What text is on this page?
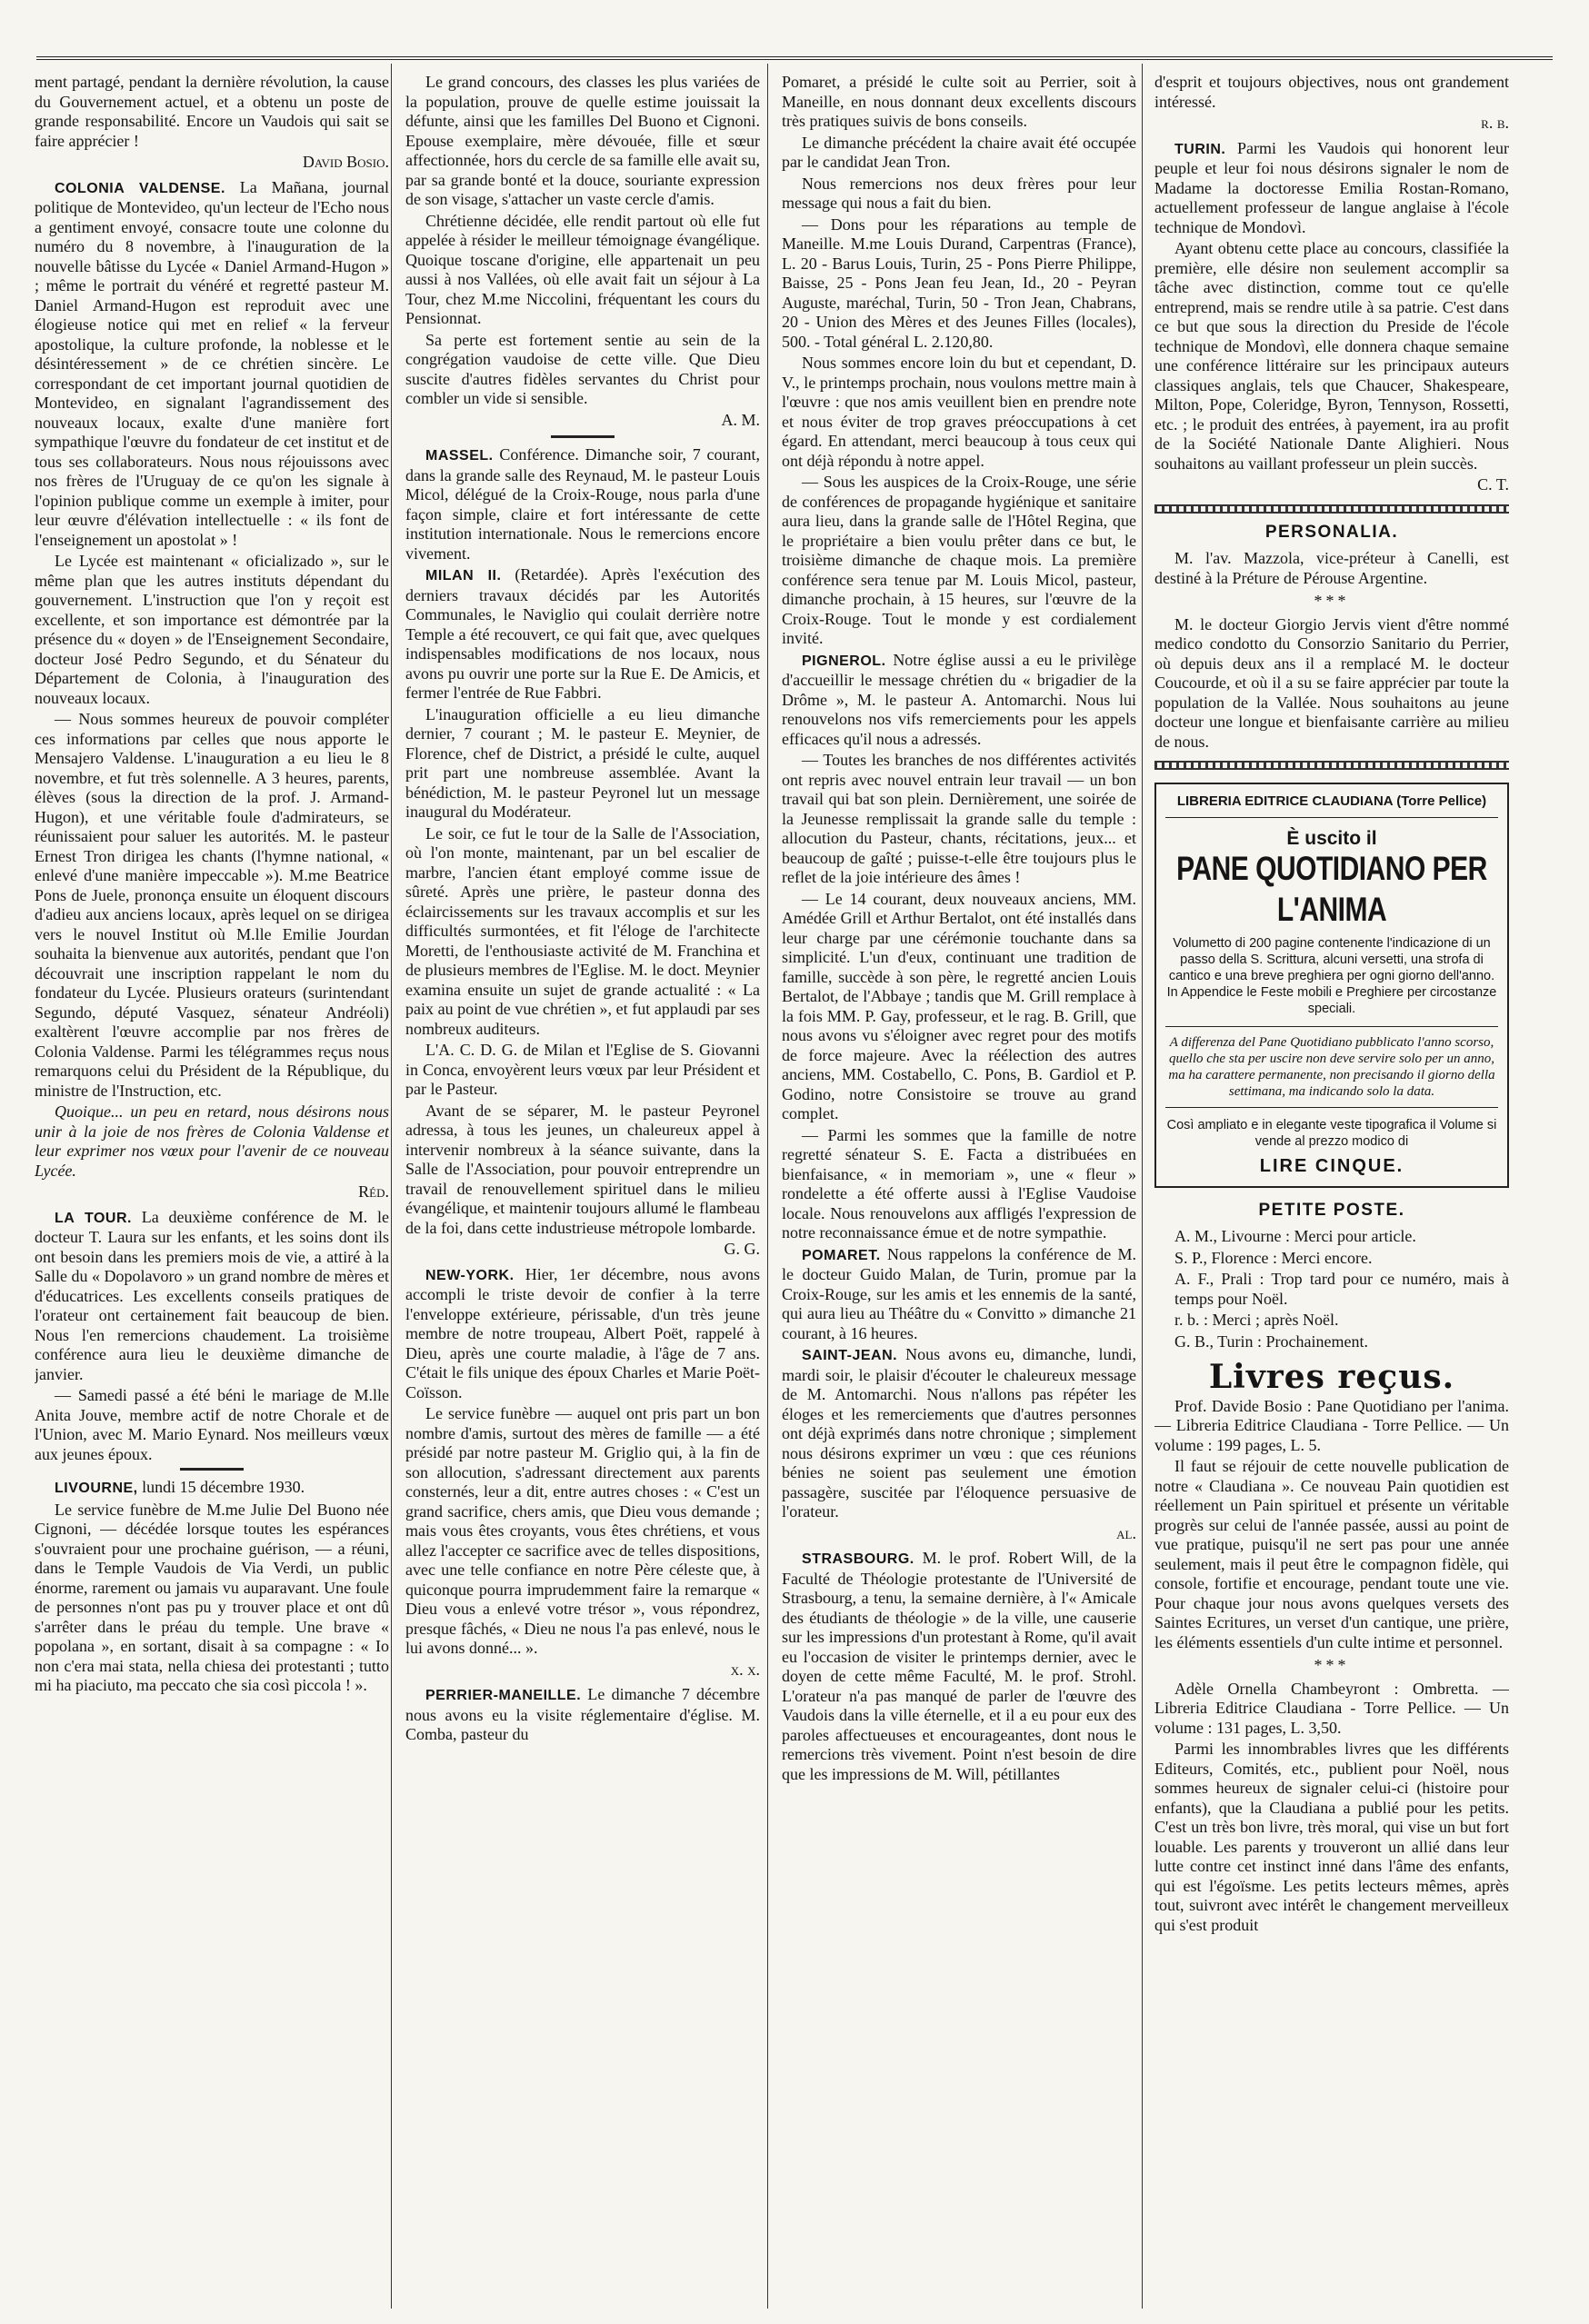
ment partagé, pendant la dernière révolution, la cause du Gouvernement actuel, et a obtenu un poste de grande responsabilité. Encore un Vaudois qui sait se faire apprécier !

David Bosio.

COLONIA VALDENSE. La Mañana, journal politique de Montevideo, qu'un lecteur de l'Echo nous a gentiment envoyé, consacre toute une colonne du numéro du 8 novembre, à l'inauguration de la nouvelle bâtisse du Lycée « Daniel Armand-Hugon » ; même le portrait du vénéré et regretté pasteur M. Daniel Armand-Hugon est reproduit avec une élogieuse notice qui met en relief « la ferveur apostolique, la culture profonde, la noblesse et le désintéressement » de ce chrétien sincère. Le correspondant de cet important journal quotidien de Montevideo, en signalant l'agrandissement des nouveaux locaux, exalte d'une manière fort sympathique l'œuvre du fondateur de cet institut et de tous ses collaborateurs. Nous nous réjouissons avec nos frères de l'Uruguay de ce qu'on les signale à l'opinion publique comme un exemple à imiter, pour leur œuvre d'élévation intellectuelle : « ils font de l'enseignement un apostolat » !

Le Lycée est maintenant « oficializado », sur le même plan que les autres instituts dépendant du gouvernement. L'instruction que l'on y reçoit est excellente, et son importance est démontrée par la présence du « doyen » de l'Enseignement Secondaire, docteur José Pedro Segundo, et du Sénateur du Département de Colonia, à l'inauguration des nouveaux locaux.

— Nous sommes heureux de pouvoir compléter ces informations par celles que nous apporte le Mensajero Valdense. L'inauguration a eu lieu le 8 novembre, et fut très solennelle. A 3 heures, parents, élèves (sous la direction de la prof. J. Armand-Hugon), et une véritable foule d'admirateurs, se réunissaient pour saluer les autorités. M. le pasteur Ernest Tron dirigea les chants (l'hymne national, « enlevé d'une manière impeccable »). M.me Beatrice Pons de Juele, prononça ensuite un éloquent discours d'adieu aux anciens locaux, après lequel on se dirigea vers le nouvel Institut où M.lle Emilie Jourdan souhaita la bienvenue aux autorités, pendant que l'on découvrait une inscription rappelant le nom du fondateur du Lycée. Plusieurs orateurs (surintendant Segundo, député Vasquez, sénateur Andréoli) exaltèrent l'œuvre accomplie par nos frères de Colonia Valdense. Parmi les télégrammes reçus nous remarquons celui du Président de la République, du ministre de l'Instruction, etc.

Quoique... un peu en retard, nous désirons nous unir à la joie de nos frères de Colonia Valdense et leur exprimer nos vœux pour l'avenir de ce nouveau Lycée.

Réd.

LA TOUR. La deuxième conférence de M. le docteur T. Laura sur les enfants, et les soins dont ils ont besoin dans les premiers mois de vie, a attiré à la Salle du « Dopolavoro » un grand nombre de mères et d'éducatrices. Les excellents conseils pratiques de l'orateur ont certainement fait beaucoup de bien. Nous l'en remercions chaudement. La troisième conférence aura lieu le deuxième dimanche de janvier.

— Samedi passé a été béni le mariage de M.lle Anita Jouve, membre actif de notre Chorale et de l'Union, avec M. Mario Eynard. Nos meilleurs vœux aux jeunes époux.

LIVOURNE, lundi 15 décembre 1930.

Le service funèbre de M.me Julie Del Buono née Cignoni, — décédée lorsque toutes les espérances s'ouvraient pour une prochaine guérison, — a réuni, dans le Temple Vaudois de Via Verdi, un public énorme, rarement ou jamais vu auparavant. Une foule de personnes n'ont pas pu y trouver place et ont dû s'arrêter dans le préau du temple. Une brave « popolana », en sortant, disait à sa compagne : « Io non c'era mai stata, nella chiesa dei protestanti ; tutto mi ha piaciuto, ma peccato che sia così piccola ! ».

Le grand concours, des classes les plus variées de la population, prouve de quelle estime jouissait la défunte, ainsi que les familles Del Buono et Cignoni. Epouse exemplaire, mère dévouée, fille et sœur affectionnée, hors du cercle de sa famille elle avait su, par sa grande bonté et la douce, souriante expression de son visage, s'attacher un vaste cercle d'amis.

Chrétienne décidée, elle rendit partout où elle fut appelée à résider le meilleur témoignage évangélique. Quoique toscane d'origine, elle appartenait un peu aussi à nos Vallées, où elle avait fait un séjour à La Tour, chez M.me Niccolini, fréquentant les cours du Pensionnat.

Sa perte est fortement sentie au sein de la congrégation vaudoise de cette ville. Que Dieu suscite d'autres fidèles servantes du Christ pour combler un vide si sensible.

A. M.

MASSEL. Conférence. Dimanche soir, 7 courant, dans la grande salle des Reynaud, M. le pasteur Louis Micol, délégué de la Croix-Rouge, nous parla d'une façon simple, claire et fort intéressante de cette institution internationale. Nous le remercions encore vivement.

MILAN II. (Retardée). Après l'exécution des derniers travaux décidés par les Autorités Communales, le Naviglio qui coulait derrière notre Temple a été recouvert, ce qui fait que, avec quelques indispensables modifications de nos locaux, nous avons pu ouvrir une porte sur la Rue E. De Amicis, et fermer l'entrée de Rue Fabbri.

L'inauguration officielle a eu lieu dimanche dernier, 7 courant ; M. le pasteur E. Meynier, de Florence, chef de District, a présidé le culte, auquel prit part une nombreuse assemblée. Avant la bénédiction, M. le pasteur Peyronel lut un message inaugural du Modérateur.

Le soir, ce fut le tour de la Salle de l'Association, où l'on monte, maintenant, par un bel escalier de marbre, l'ancien étant employé comme issue de sûreté. Après une prière, le pasteur donna des éclaircissements sur les travaux accomplis et sur les difficultés surmontées, et fit l'éloge de l'architecte Moretti, de l'enthousiaste activité de M. Franchina et de plusieurs membres de l'Eglise. M. le doct. Meynier examina ensuite un sujet de grande actualité : « La paix au point de vue chrétien », et fut applaudi par ses nombreux auditeurs.

L'A. C. D. G. de Milan et l'Eglise de S. Giovanni in Conca, envoyèrent leurs vœux par leur Président et par le Pasteur.

Avant de se séparer, M. le pasteur Peyronel adressa, à tous les jeunes, un chaleureux appel à intervenir nombreux à la séance suivante, dans la Salle de l'Association, pour pouvoir entreprendre un travail de renouvellement spirituel dans le milieu évangélique, et maintenir toujours allumé le flambeau de la foi, dans cette industrieuse métropole lombarde.

G. G.

NEW-YORK. Hier, 1er décembre, nous avons accompli le triste devoir de confier à la terre l'enveloppe extérieure, périssable, d'un très jeune membre de notre troupeau, Albert Poët, rappelé à Dieu, après une courte maladie, à l'âge de 7 ans. C'était le fils unique des époux Charles et Marie Poët-Coïsson.

Le service funèbre — auquel ont pris part un bon nombre d'amis, surtout des mères de famille — a été présidé par notre pasteur M. Griglio qui, à la fin de son allocution, s'adressant directement aux parents consternés, leur a dit, entre autres choses : « C'est un grand sacrifice, chers amis, que Dieu vous demande ; mais vous êtes croyants, vous êtes chrétiens, et vous allez l'accepter ce sacrifice avec de telles dispositions, avec une telle confiance en notre Père céleste que, à quiconque pourra imprudemment faire la remarque « Dieu vous a enlevé votre trésor », vous répondrez, presque fâchés, « Dieu ne nous l'a pas enlevé, nous le lui avons donné... ».

x. x.

PERRIER-MANEILLE. Le dimanche 7 décembre nous avons eu la visite réglementaire d'église. M. Comba, pasteur du

Pomaret, a présidé le culte soit au Perrier, soit à Maneille, en nous donnant deux excellents discours très pratiques suivis de bons conseils.

Le dimanche précédent la chaire avait été occupée par le candidat Jean Tron.

Nous remercions nos deux frères pour leur message qui nous a fait du bien.

— Dons pour les réparations au temple de Maneille. M.me Louis Durand, Carpentras (France), L. 20 - Barus Louis, Turin, 25 - Pons Pierre Philippe, Baisse, 25 - Pons Jean feu Jean, Id., 20 - Peyran Auguste, maréchal, Turin, 50 - Tron Jean, Chabrans, 20 - Union des Mères et des Jeunes Filles (locales), 500. - Total général L. 2.120,80.

Nous sommes encore loin du but et cependant, D. V., le printemps prochain, nous voulons mettre main à l'œuvre : que nos amis veuillent bien en prendre note et nous éviter de trop graves préoccupations à cet égard. En attendant, merci beaucoup à tous ceux qui ont déjà répondu à notre appel.

— Sous les auspices de la Croix-Rouge, une série de conférences de propagande hygiénique et sanitaire aura lieu, dans la grande salle de l'Hôtel Regina, que le propriétaire a bien voulu prêter dans ce but, le troisième dimanche de chaque mois. La première conférence sera tenue par M. Louis Micol, pasteur, dimanche prochain, à 15 heures, sur l'œuvre de la Croix-Rouge. Tout le monde y est cordialement invité.

PIGNEROL. Notre église aussi a eu le privilège d'accueillir le message chrétien du « brigadier de la Drôme », M. le pasteur A. Antomarchi. Nous lui renouvelons nos vifs remerciements pour les appels efficaces qu'il nous a adressés.

— Toutes les branches de nos différentes activités ont repris avec nouvel entrain leur travail — un bon travail qui bat son plein. Dernièrement, une soirée de la Jeunesse remplissait la grande salle du temple : allocution du Pasteur, chants, récitations, jeux... et beaucoup de gaîté ; puisse-t-elle être toujours plus le reflet de la joie intérieure des âmes !

— Le 14 courant, deux nouveaux anciens, MM. Amédée Grill et Arthur Bertalot, ont été installés dans leur charge par une cérémonie touchante dans sa simplicité. L'un d'eux, continuant une tradition de famille, succède à son père, le regretté ancien Louis Bertalot, de l'Abbaye ; tandis que M. Grill remplace à la fois MM. P. Gay, professeur, et le rag. B. Grill, que nous avons vu s'éloigner avec regret pour des motifs de force majeure. Avec la réélection des autres anciens, MM. Costabello, C. Pons, B. Gardiol et P. Godino, notre Consistoire se trouve au grand complet.

— Parmi les sommes que la famille de notre regretté sénateur S. E. Facta a distribuées en bienfaisance, « in memoriam », une « fleur » rondelette a été offerte aussi à l'Eglise Vaudoise locale. Nous renouvelons aux affligés l'expression de notre reconnaissance émue et de notre sympathie.

POMARET. Nous rappelons la conférence de M. le docteur Guido Malan, de Turin, promue par la Croix-Rouge, sur les amis et les ennemis de la santé, qui aura lieu au Théâtre du « Convitto » dimanche 21 courant, à 16 heures.

SAINT-JEAN. Nous avons eu, dimanche, lundi, mardi soir, le plaisir d'écouter le chaleureux message de M. Antomarchi. Nous n'allons pas répéter les éloges et les remerciements que d'autres personnes ont déjà exprimés dans notre chronique ; simplement nous désirons exprimer un vœu : que ces réunions bénies ne soient pas seulement une émotion passagère, suscitée par l'éloquence persuasive de l'orateur.

al.

STRASBOURG. M. le prof. Robert Will, de la Faculté de Théologie protestante de l'Université de Strasbourg, a tenu, la semaine dernière, à l'« Amicale des étudiants de théologie » de la ville, une causerie sur les impressions d'un protestant à Rome, qu'il avait eu l'occasion de visiter le printemps dernier, avec le doyen de cette même Faculté, M. le prof. Strohl. L'orateur n'a pas manqué de parler de l'œuvre des Vaudois dans la ville éternelle, et il a eu pour eux des paroles affectueuses et encourageantes, dont nous le remercions très vivement. Point n'est besoin de dire que les impressions de M. Will, pétillantes

d'esprit et toujours objectives, nous ont grandement intéressé.

r. b.

TURIN. Parmi les Vaudois qui honorent leur peuple et leur foi nous désirons signaler le nom de Madame la doctoresse Emilia Rostan-Romano, actuellement professeur de langue anglaise à l'école technique de Mondovì.

Ayant obtenu cette place au concours, classifiée la première, elle désire non seulement accomplir sa tâche avec distinction, comme tout ce qu'elle entreprend, mais se rendre utile à sa patrie. C'est dans ce but que sous la direction du Preside de l'école technique de Mondovì, elle donnera chaque semaine une conférence littéraire sur les principaux auteurs classiques anglais, tels que Chaucer, Shakespeare, Milton, Pope, Coleridge, Byron, Tennyson, Rossetti, etc. ; le produit des entrées, à payement, ira au profit de la Société Nationale Dante Alighieri. Nous souhaitons au vaillant professeur un plein succès.

C. T.
PERSONALIA.

M. l'av. Mazzola, vice-préteur à Canelli, est destiné à la Préture de Pérouse Argentine.

***

M. le docteur Giorgio Jervis vient d'être nommé medico condotto du Consorzio Sanitario du Perrier, où depuis deux ans il a remplacé M. le docteur Coucourde, et où il a su se faire apprécier par toute la population de la Vallée. Nous souhaitons au jeune docteur une longue et bienfaisante carrière au milieu de nous.

LIBRERIA EDITRICE CLAUDIANA (Torre Pellice)
È uscito il
PANE QUOTIDIANO PER L'ANIMA
Volumetto di 200 pagine contenente l'indicazione di un passo della S. Scrittura, alcuni versetti, una strofa di cantico e una breve preghiera per ogni giorno dell'anno. In Appendice le Feste mobili e Preghiere per circostanze speciali.
A differenza del Pane Quotidiano pubblicato l'anno scorso, quello che sta per uscire non deve servire solo per un anno, ma ha carattere permanente, non precisando il giorno della settimana, ma indicando solo la data.
Così ampliato e in elegante veste tipografica il Volume si vende al prezzo modico di
LIRE CINQUE.
PETITE POSTE.

A. M., Livourne : Merci pour article.

S. P., Florence : Merci encore.

A. F., Prali : Trop tard pour ce numéro, mais à temps pour Noël.

r. b. : Merci ; après Noël.

G. B., Turin : Prochainement.

Livres reçus.

Prof. Davide Bosio : Pane Quotidiano per l'anima. — Libreria Editrice Claudiana - Torre Pellice. — Un volume : 199 pages, L. 5.

Il faut se réjouir de cette nouvelle publication de notre « Claudiana ». Ce nouveau Pain quotidien est réellement un Pain spirituel et présente un véritable progrès sur celui de l'année passée, aussi au point de vue pratique, puisqu'il ne sert pas pour une année seulement, mais il peut être le compagnon fidèle, qui console, fortifie et encourage, pendant toute une vie. Pour chaque jour nous avons quelques versets des Saintes Ecritures, un verset d'un cantique, une prière, les éléments essentiels d'un culte intime et personnel.

***

Adèle Ornella Chambeyront : Ombretta. — Libreria Editrice Claudiana - Torre Pellice. — Un volume : 131 pages, L. 3,50.

Parmi les innombrables livres que les différents Editeurs, Comités, etc., publient pour Noël, nous sommes heureux de signaler celui-ci (histoire pour enfants), que la Claudiana a publié pour les petits. C'est un très bon livre, très moral, qui vise un but fort louable. Les parents y trouveront un allié dans leur lutte contre cet instinct inné dans l'âme des enfants, qui est l'égoïsme. Les petits lecteurs mêmes, après tout, suivront avec intérêt le changement merveilleux qui s'est produit
